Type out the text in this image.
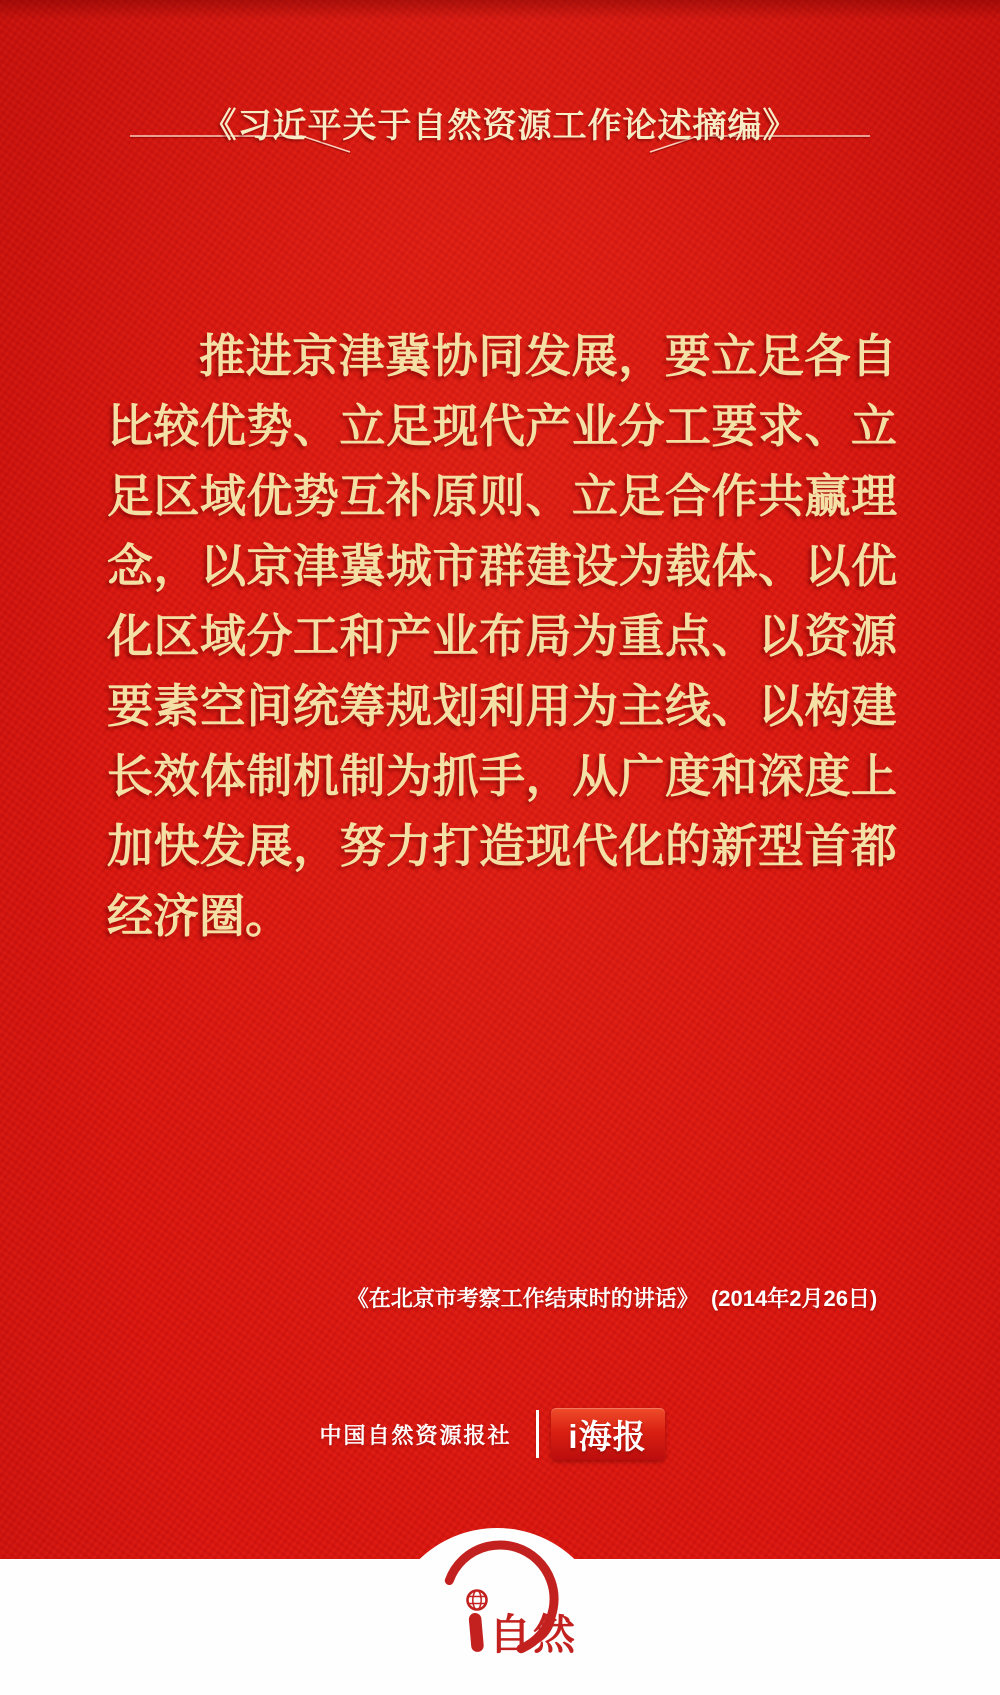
《习近平关于自然资源工作论述摘编》

推进京津冀协同发展，要立足各自比较优势、立足现代产业分工要求、立足区域优势互补原则、立足合作共赢理念，以京津冀城市群建设为载体、以优化区域分工和产业布局为重点、以资源要素空间统筹规划利用为主线、以构建长效体制机制为抓手，从广度和深度上加快发展，努力打造现代化的新型首都经济圈。

《在北京市考察工作结束时的讲话》  (2014年2月26日)

中国自然资源报社	i海报
自然
